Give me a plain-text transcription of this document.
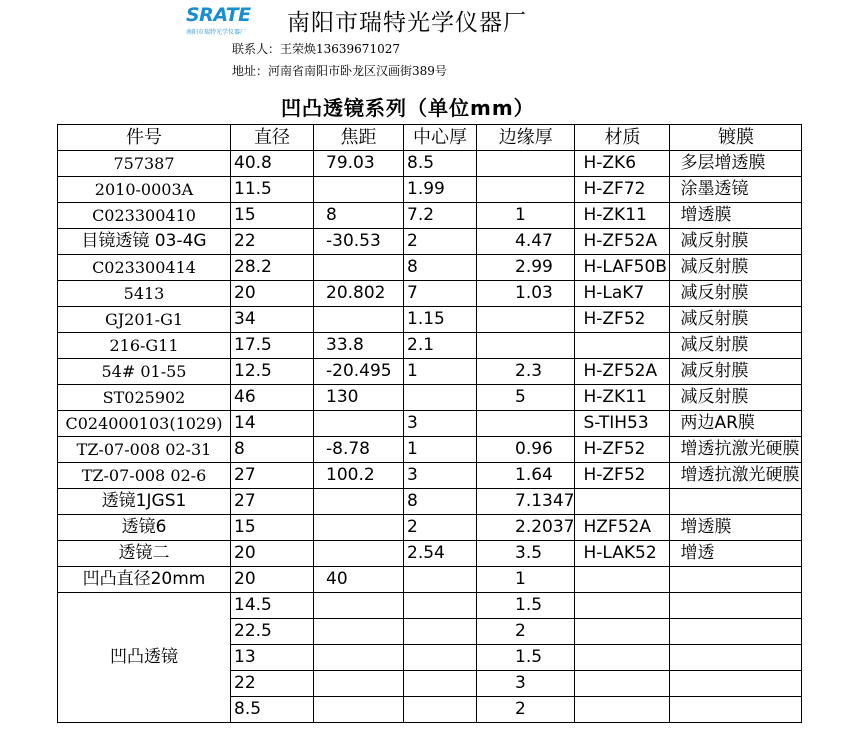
SRATE
南阳市瑞特光学仪器厂 南阳市瑞特光学仪器厂
联系人：王荣焕13639671027
地址：河南省南阳市卧龙区汉画街389号
凹凸透镜系列（单位mm）
件号	直径	焦距	中心厚	边缘厚	材质	镀膜
757387	40.8	79.03	8.5		H-ZK6	多层增透膜
2010-0003A	11.5		1.99		H-ZF72	涂墨透镜
C023300410	15	8	7.2	1	H-ZK11	增透膜
目镜透镜 03-4G	22	-30.53	2	4.47	H-ZF52A	减反射膜
C023300414	28.2		8	2.99	H-LAF50B	减反射膜
5413	20	20.802	7	1.03	H-LaK7	减反射膜
GJ201-G1	34		1.15		H-ZF52	减反射膜
216-G11	17.5	33.8	2.1			减反射膜
54# 01-55	12.5	-20.495	1	2.3	H-ZF52A	减反射膜
ST025902	46	130		5	H-ZK11	减反射膜
C024000103(1029)	14		3		S-TIH53	两边AR膜
TZ-07-008 02-31	8	-8.78	1	0.96	H-ZF52	增透抗激光硬膜
TZ-07-008 02-6	27	100.2	3	1.64	H-ZF52	增透抗激光硬膜
透镜1JGS1	27		8	7.1347		
透镜6	15		2	2.2037	HZF52A	增透膜
透镜二	20		2.54	3.5	H-LAK52	增透
凹凸直径20mm	20	40		1		
凹凸透镜	14.5			1.5		
	22.5			2		
	13			1.5		
	22			3		
	8.5			2		
